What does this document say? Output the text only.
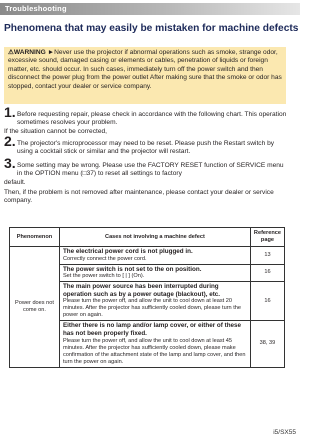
Troubleshooting
Phenomena that may easily be mistaken for machine defects
⚠WARNING ►Never use the projector if abnormal operations such as smoke, strange odor, excessive sound, damaged casing or elements or cables, penetration of liquids or foreign matter, etc. should occur. In such cases, immediately turn off the power switch and then disconnect the power plug from the power outlet After making sure that the smoke or odor has stopped, contact your dealer or service company.
1. Before requesting repair, please check in accordance with the following chart. This operation sometimes resolves your problem.
If the situation cannot be corrected,
2. The projector's microprocessor may need to be reset. Please push the Restart switch by using a cocktail stick or similar and the projector will restart.
3. Some setting may be wrong. Please use the FACTORY RESET function of SERVICE menu in the OPTION menu (□37) to reset all settings to factory
default.
Then, if the problem is not removed after maintenance, please contact your dealer or service company.
Phenomenon	Cases not involving a machine defect	Reference page
Power does not come on.	The electrical power cord is not plugged in.
Correctly connect the power cord.	13

	The power switch is not set to the on position.
Set the power switch to [ | ] (On).	16

	The main power source has been interrupted during operation such as by a power outage (blackout), etc.
Please turn the power off, and allow the unit to cool down at least 20 minutes. After the projector has sufficiently cooled down, please turn the power on again.	16

	Either there is no lamp and/or lamp cover, or either of these has not been properly fixed.
Please turn the power off, and allow the unit to cool down at least 45 minutes. After the projector has sufficiently cooled down, please make confirmation of the attachment state of the lamp and lamp cover, and then turn the power on again.	38, 39
i5/SX55
